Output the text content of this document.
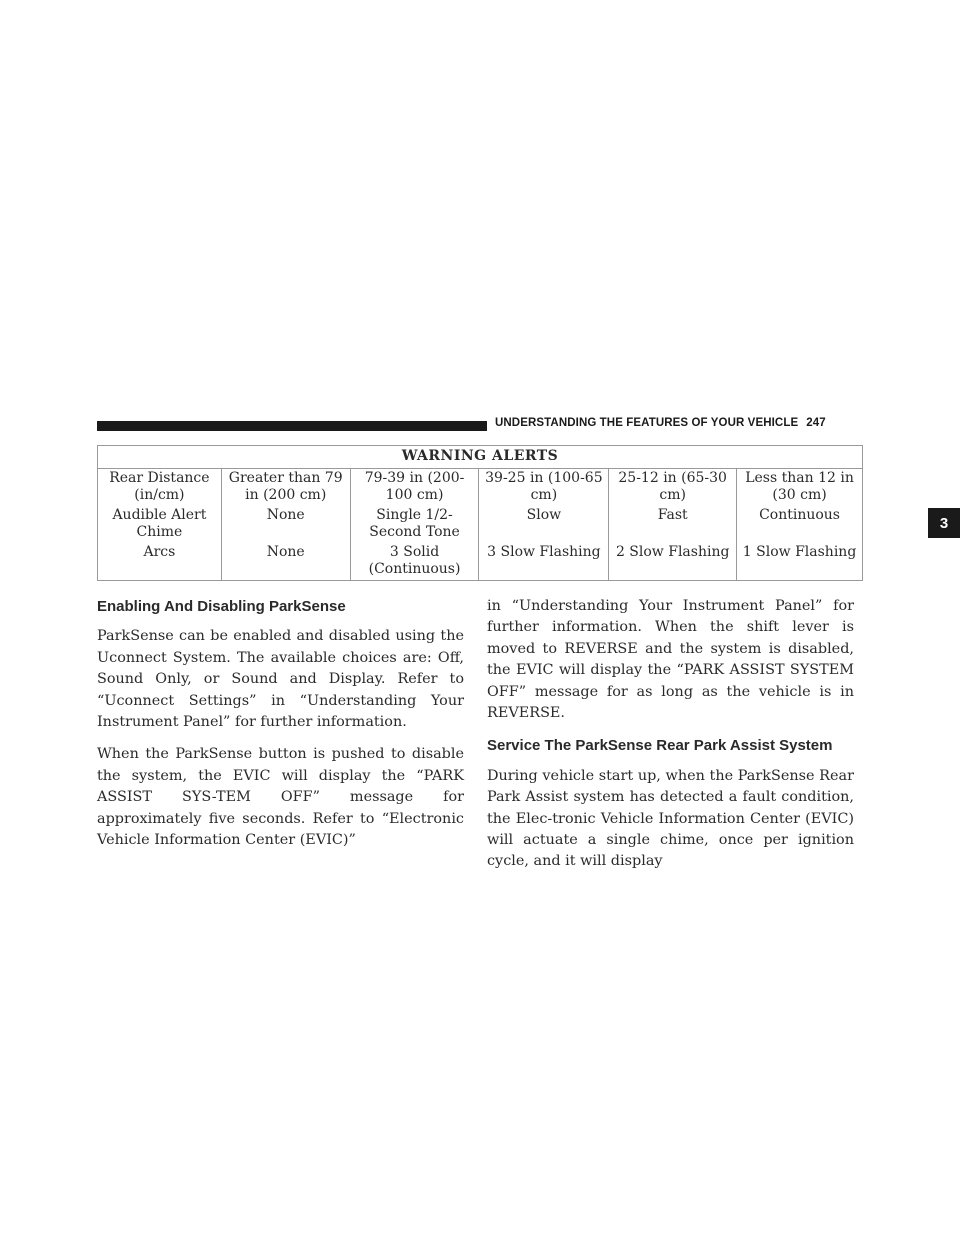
UNDERSTANDING THE FEATURES OF YOUR VEHICLE 247
3
WARNING ALERTS					
Rear Distance (in/cm)	Greater than 79 in (200 cm)	79-39 in (200-100 cm)	39-25 in (100-65 cm)	25-12 in (65-30 cm)	Less than 12 in (30 cm)
Audible Alert Chime	None	Single 1/2-Second Tone	Slow	Fast	Continuous
Arcs	None	3 Solid (Continuous)	3 Slow Flashing	2 Slow Flashing	1 Slow Flashing
Enabling And Disabling ParkSense

ParkSense can be enabled and disabled using the Uconnect System. The available choices are: Off, Sound Only, or Sound and Display. Refer to “Uconnect Settings” in “Understanding Your Instrument Panel” for further information.

When the ParkSense button is pushed to disable the system, the EVIC will display the “PARK ASSIST SYS-TEM OFF” message for approximately five seconds. Refer to “Electronic Vehicle Information Center (EVIC)”

in “Understanding Your Instrument Panel” for further information. When the shift lever is moved to REVERSE and the system is disabled, the EVIC will display the “PARK ASSIST SYSTEM OFF” message for as long as the vehicle is in REVERSE.

Service The ParkSense Rear Park Assist System

During vehicle start up, when the ParkSense Rear Park Assist system has detected a fault condition, the Elec-tronic Vehicle Information Center (EVIC) will actuate a single chime, once per ignition cycle, and it will display
